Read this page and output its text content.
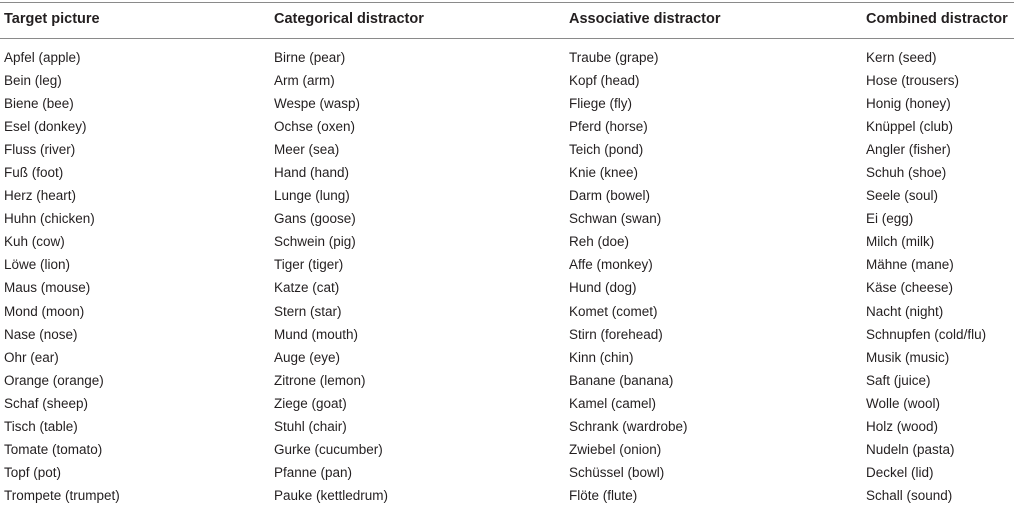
Target picture	Categorical distractor	Associative distractor	Combined distractor
Apfel (apple)	Birne (pear)	Traube (grape)	Kern (seed)
Bein (leg)	Arm (arm)	Kopf (head)	Hose (trousers)
Biene (bee)	Wespe (wasp)	Fliege (fly)	Honig (honey)
Esel (donkey)	Ochse (oxen)	Pferd (horse)	Knüppel (club)
Fluss (river)	Meer (sea)	Teich (pond)	Angler (fisher)
Fuß (foot)	Hand (hand)	Knie (knee)	Schuh (shoe)
Herz (heart)	Lunge (lung)	Darm (bowel)	Seele (soul)
Huhn (chicken)	Gans (goose)	Schwan (swan)	Ei (egg)
Kuh (cow)	Schwein (pig)	Reh (doe)	Milch (milk)
Löwe (lion)	Tiger (tiger)	Affe (monkey)	Mähne (mane)
Maus (mouse)	Katze (cat)	Hund (dog)	Käse (cheese)
Mond (moon)	Stern (star)	Komet (comet)	Nacht (night)
Nase (nose)	Mund (mouth)	Stirn (forehead)	Schnupfen (cold/flu)
Ohr (ear)	Auge (eye)	Kinn (chin)	Musik (music)
Orange (orange)	Zitrone (lemon)	Banane (banana)	Saft (juice)
Schaf (sheep)	Ziege (goat)	Kamel (camel)	Wolle (wool)
Tisch (table)	Stuhl (chair)	Schrank (wardrobe)	Holz (wood)
Tomate (tomato)	Gurke (cucumber)	Zwiebel (onion)	Nudeln (pasta)
Topf (pot)	Pfanne (pan)	Schüssel (bowl)	Deckel (lid)
Trompete (trumpet)	Pauke (kettledrum)	Flöte (flute)	Schall (sound)
